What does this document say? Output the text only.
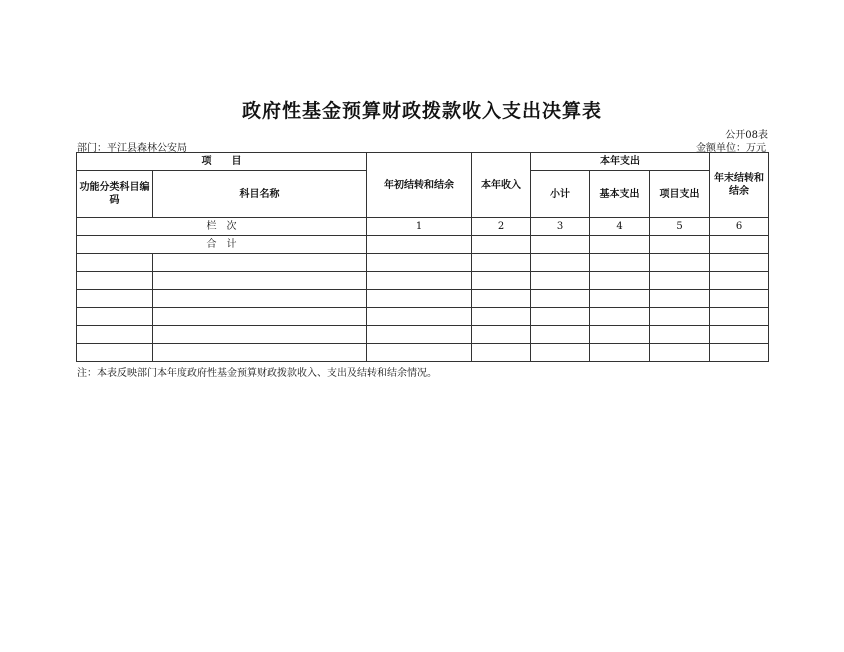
政府性基金预算财政拨款收入支出决算表
公开08表
部门：平江县森林公安局	金额单位：万元
项　　目		年初结转和结余	本年收入	本年支出			年末结转和结余
功能分类科目编码	科目名称			小计	基本支出	项目支出	
栏　次		1	2	3	4	5	6
合　计							

注：本表反映部门本年度政府性基金预算财政拨款收入、支出及结转和结余情况。
